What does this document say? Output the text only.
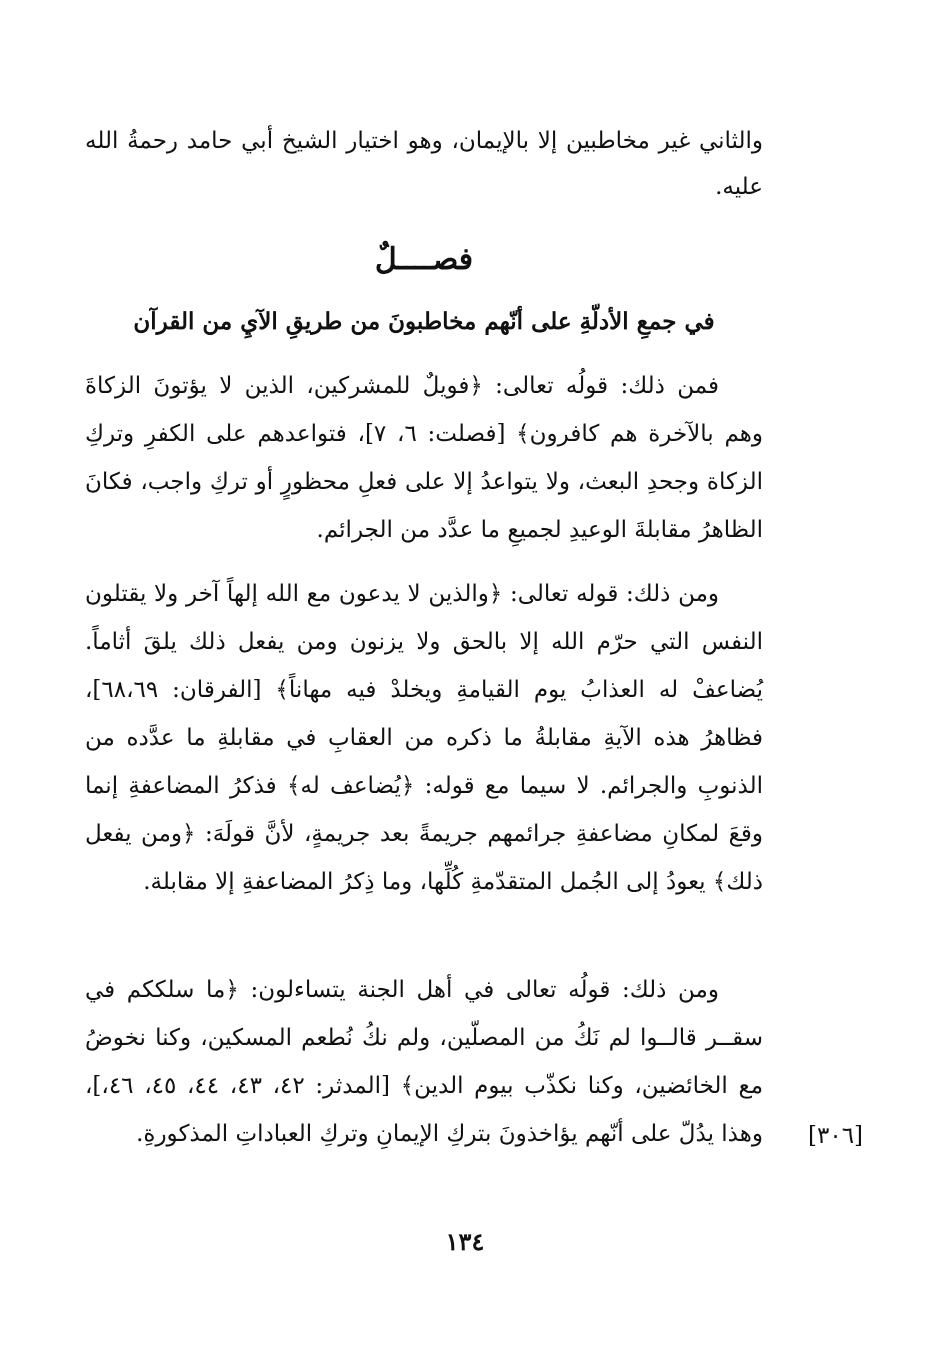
والثاني غير مخاطبين إلا بالإيمان، وهو اختيار الشيخ أبي حامد رحمةُ الله عليه.

فصــــلٌ
في جمعِ الأدلّةِ على أنّهم مخاطبونَ من طريقِ الآيِ من القرآن

فمن ذلك: قولُه تعالى: ﴿فويلٌ للمشركين، الذين لا يؤتونَ الزكاةَ وهم بالآخرة هم كافرون﴾ [فصلت: ٦، ٧]، فتواعدهم على الكفرِ وتركِ الزكاة وجحدِ البعث، ولا يتواعدُ إلا على فعلِ محظورٍ أو تركِ واجب، فكانَ الظاهرُ مقابلةَ الوعيدِ لجميعِ ما عدَّد من الجرائم.

ومن ذلك: قوله تعالى: ﴿والذين لا يدعون مع الله إلهاً آخر ولا يقتلون النفس التي حرّم الله إلا بالحق ولا يزنون ومن يفعل ذلك يلقَ أثاماً. يُضاعفْ له العذابُ يوم القيامةِ ويخلدْ فيه مهاناً﴾ [الفرقان: ٦٨،٦٩]، فظاهرُ هذه الآيةِ مقابلةُ ما ذكره من العقابِ في مقابلةِ ما عدَّده من الذنوبِ والجرائم. لا سيما مع قوله: ﴿يُضاعف له﴾ فذكرُ المضاعفةِ إنما وقعَ لمكانِ مضاعفةِ جرائمهم جريمةً بعد جريمةٍ، لأنَّ قولَهَ: ﴿ومن يفعل ذلك﴾ يعودُ إلى الجُمل المتقدّمةِ كُلِّها، وما ذِكرُ المضاعفةِ إلا مقابلة.

ومن ذلك: قولُه تعالى في أهل الجنة يتساءلون: ﴿ما سلككم في سقــر قالــوا لم نَكُ من المصلّين، ولم نكُ نُطعم المسكين، وكنا نخوضُ مع الخائضين، وكنا نكذّب بيوم الدين﴾ [المدثر: ٤٢، ٤٣، ٤٤، ٤٥، ٤٦،]، وهذا يدُلّ على أنّهم يؤاخذونَ بتركِ الإيمانِ وتركِ العباداتِ المذكورةِ. [٣٠٦]
١٣٤
